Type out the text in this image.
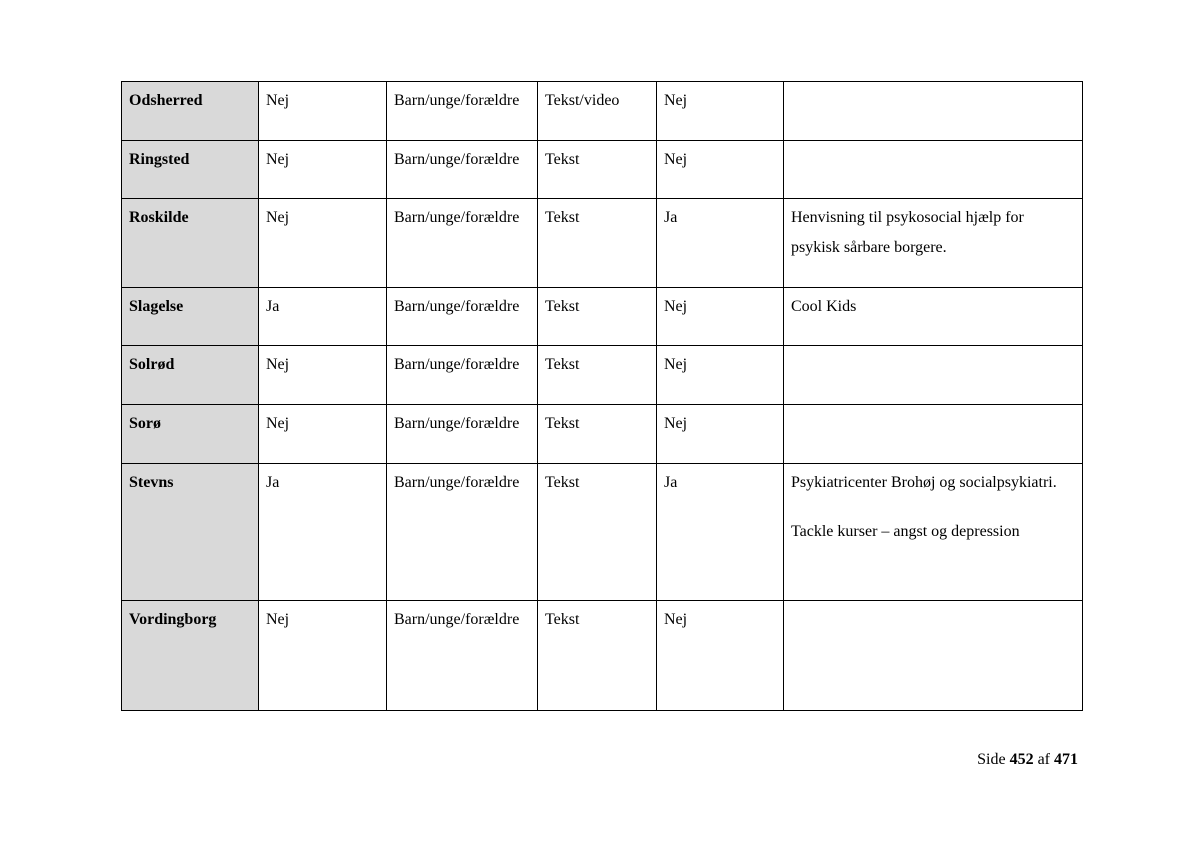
Odsherred	Nej	Barn/unge/forældre	Tekst/video	Nej	
Ringsted	Nej	Barn/unge/forældre	Tekst	Nej	
Roskilde	Nej	Barn/unge/forældre	Tekst	Ja	Henvisning til psykosocial hjælp for psykisk sårbare borgere.

Slagelse	Ja	Barn/unge/forældre	Tekst	Nej	Cool Kids

Solrød	Nej	Barn/unge/forældre	Tekst	Nej	
Sorø	Nej	Barn/unge/forældre	Tekst	Nej	
Stevns	Ja	Barn/unge/forældre	Tekst	Ja	Psykiatricenter Brohøj og socialpsykiatri.
Tackle kurser – angst og depression

Vordingborg	Nej	Barn/unge/forældre	Tekst	Nej	
Side 452 af 471
